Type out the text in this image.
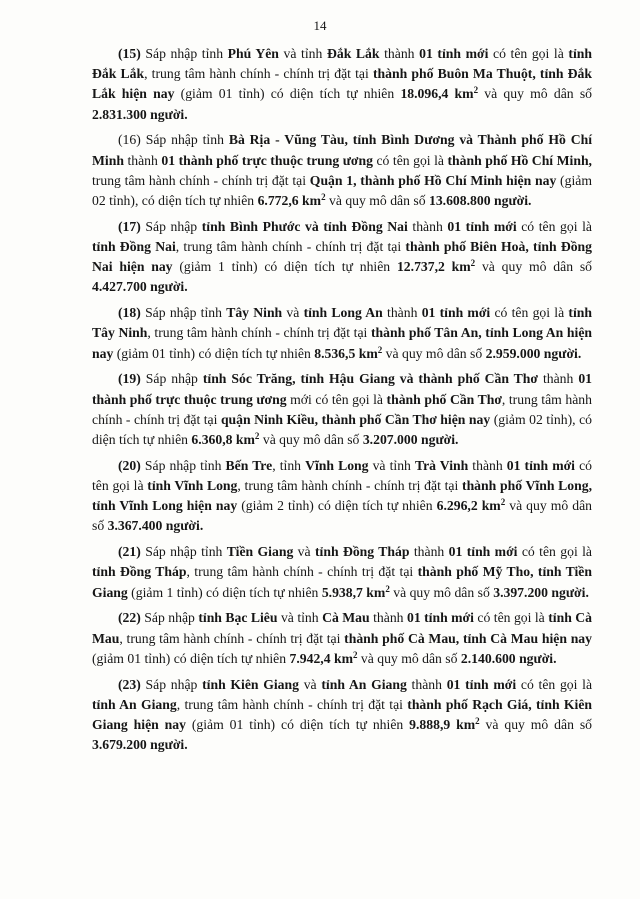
14

(15) Sáp nhập tỉnh Phú Yên và tỉnh Đắk Lắk thành 01 tỉnh mới có tên gọi là tỉnh Đắk Lắk, trung tâm hành chính - chính trị đặt tại thành phố Buôn Ma Thuột, tỉnh Đắk Lắk hiện nay (giảm 01 tỉnh) có diện tích tự nhiên 18.096,4 $km^2$ và quy mô dân số 2.831.300 người.

(16) Sáp nhập tỉnh Bà Rịa - Vũng Tàu, tỉnh Bình Dương và Thành phố Hồ Chí Minh thành 01 thành phố trực thuộc trung ương có tên gọi là thành phố Hồ Chí Minh, trung tâm hành chính - chính trị đặt tại Quận 1, thành phố Hồ Chí Minh hiện nay (giảm 02 tỉnh), có diện tích tự nhiên 6.772,6 $km^2$ và quy mô dân số 13.608.800 người.

(17) Sáp nhập tỉnh Bình Phước và tỉnh Đồng Nai thành 01 tỉnh mới có tên gọi là tỉnh Đồng Nai, trung tâm hành chính - chính trị đặt tại thành phố Biên Hoà, tỉnh Đồng Nai hiện nay (giảm 1 tỉnh) có diện tích tự nhiên 12.737,2 $km^2$ và quy mô dân số 4.427.700 người.

(18) Sáp nhập tỉnh Tây Ninh và tỉnh Long An thành 01 tỉnh mới có tên gọi là tỉnh Tây Ninh, trung tâm hành chính - chính trị đặt tại thành phố Tân An, tỉnh Long An hiện nay (giảm 01 tỉnh) có diện tích tự nhiên 8.536,5 $km^2$ và quy mô dân số 2.959.000 người.

(19) Sáp nhập tỉnh Sóc Trăng, tỉnh Hậu Giang và thành phố Cần Thơ thành 01 thành phố trực thuộc trung ương mới có tên gọi là thành phố Cần Thơ, trung tâm hành chính - chính trị đặt tại quận Ninh Kiều, thành phố Cần Thơ hiện nay (giảm 02 tỉnh), có diện tích tự nhiên 6.360,8 $km^2$ và quy mô dân số 3.207.000 người.

(20) Sáp nhập tỉnh Bến Tre, tỉnh Vĩnh Long và tỉnh Trà Vinh thành 01 tỉnh mới có tên gọi là tỉnh Vĩnh Long, trung tâm hành chính - chính trị đặt tại thành phố Vĩnh Long, tỉnh Vĩnh Long hiện nay (giảm 2 tỉnh) có diện tích tự nhiên 6.296,2 $km^2$ và quy mô dân số 3.367.400 người.

(21) Sáp nhập tỉnh Tiền Giang và tỉnh Đồng Tháp thành 01 tỉnh mới có tên gọi là tỉnh Đồng Tháp, trung tâm hành chính - chính trị đặt tại thành phố Mỹ Tho, tỉnh Tiền Giang (giảm 1 tỉnh) có diện tích tự nhiên 5.938,7 $km^2$ và quy mô dân số 3.397.200 người.

(22) Sáp nhập tỉnh Bạc Liêu và tỉnh Cà Mau thành 01 tỉnh mới có tên gọi là tỉnh Cà Mau, trung tâm hành chính - chính trị đặt tại thành phố Cà Mau, tỉnh Cà Mau hiện nay (giảm 01 tỉnh) có diện tích tự nhiên 7.942,4 $km^2$ và quy mô dân số 2.140.600 người.

(23) Sáp nhập tỉnh Kiên Giang và tỉnh An Giang thành 01 tỉnh mới có tên gọi là tỉnh An Giang, trung tâm hành chính - chính trị đặt tại thành phố Rạch Giá, tỉnh Kiên Giang hiện nay (giảm 01 tỉnh) có diện tích tự nhiên 9.888,9 $km^2$ và quy mô dân số 3.679.200 người.
